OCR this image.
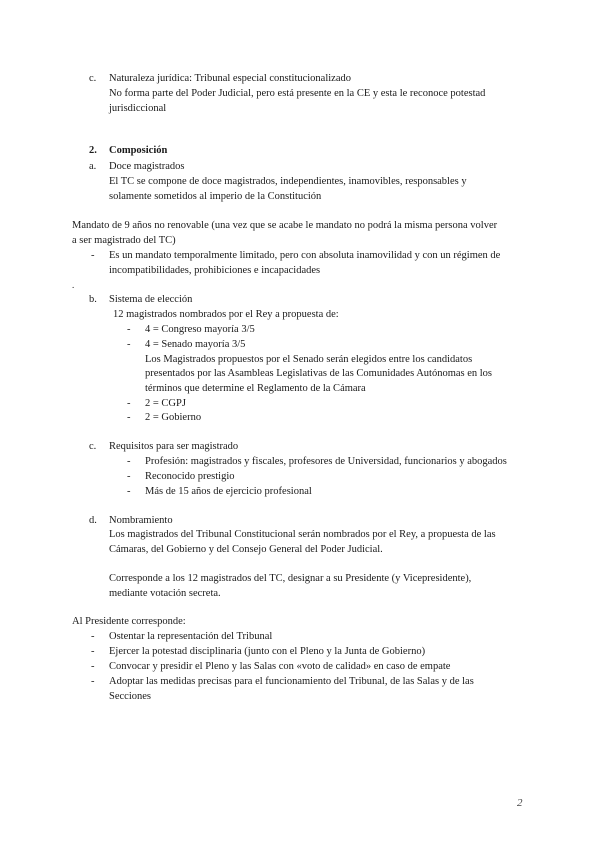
c. Naturaleza jurídica: Tribunal especial constitucionalizado
No forma parte del Poder Judicial, pero está presente en la CE y esta le reconoce potestad
jurisdiccional
2. Composición
a. Doce magistrados
El TC se compone de doce magistrados, independientes, inamovibles, responsables y
solamente sometidos al imperio de la Constitución
Mandato de 9 años no renovable (una vez que se acabe le mandato no podrá la misma persona volver
a ser magistrado del TC)
- Es un mandato temporalmente limitado, pero con absoluta inamovilidad y con un régimen de
incompatibilidades, prohibiciones e incapacidades
.
b. Sistema de elección
12 magistrados nombrados por el Rey a propuesta de:
- 4 = Congreso mayoría 3/5
- 4 = Senado mayoría 3/5
Los Magistrados propuestos por el Senado serán elegidos entre los candidatos
presentados por las Asambleas Legislativas de las Comunidades Autónomas en los
términos que determine el Reglamento de la Cámara
- 2 = CGPJ
- 2 = Gobierno
c. Requisitos para ser magistrado
- Profesión: magistrados y fiscales, profesores de Universidad, funcionarios y abogados
- Reconocido prestigio
- Más de 15 años de ejercicio profesional
d. Nombramiento
Los magistrados del Tribunal Constitucional serán nombrados por el Rey, a propuesta de las
Cámaras, del Gobierno y del Consejo General del Poder Judicial.
Corresponde a los 12 magistrados del TC, designar a su Presidente (y Vicepresidente),
mediante votación secreta.
Al Presidente corresponde:
- Ostentar la representación del Tribunal
- Ejercer la potestad disciplinaria (junto con el Pleno y la Junta de Gobierno)
- Convocar y presidir el Pleno y las Salas con «voto de calidad» en caso de empate
- Adoptar las medidas precisas para el funcionamiento del Tribunal, de las Salas y de las
Secciones
2
